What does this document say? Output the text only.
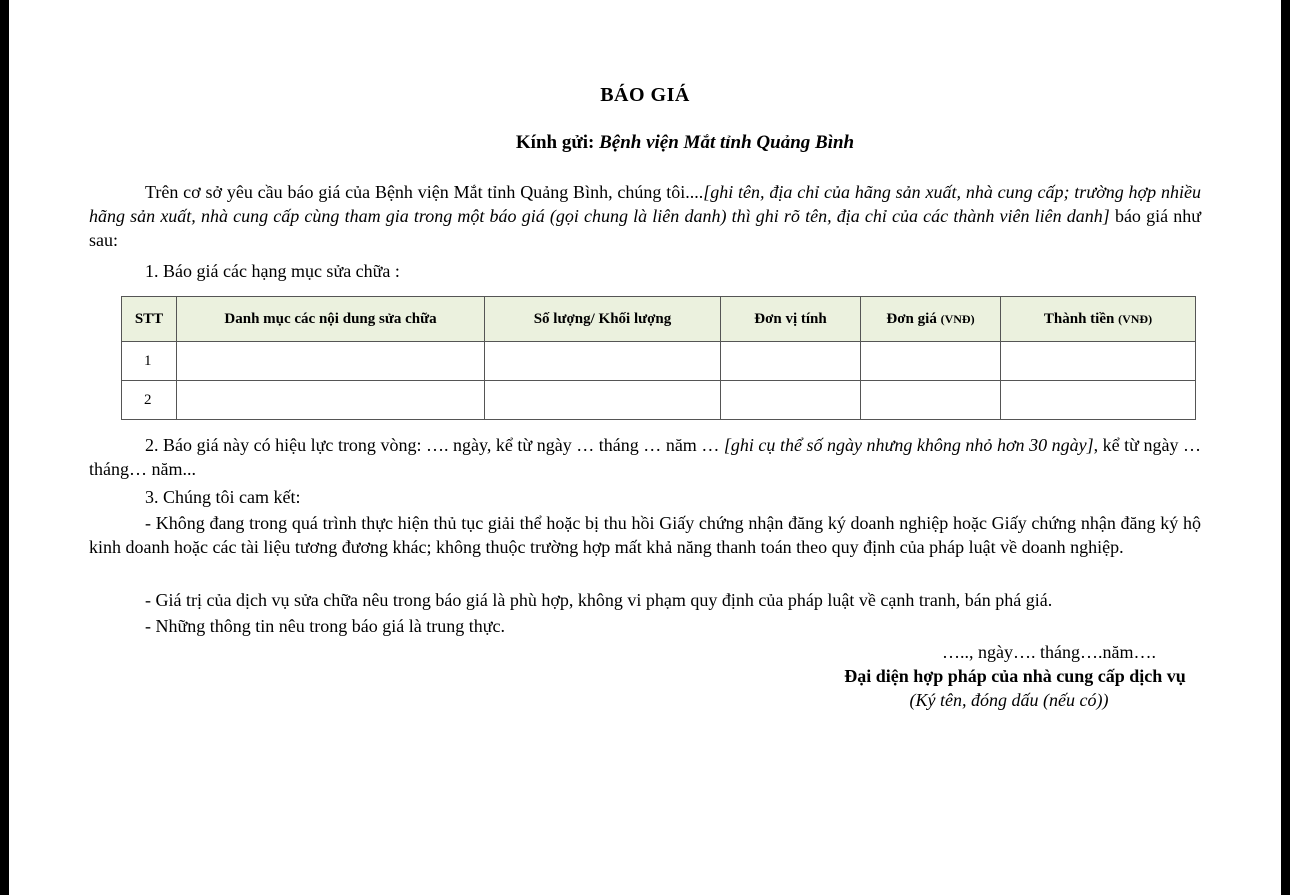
BÁO GIÁ
Kính gửi: Bệnh viện Mắt tỉnh Quảng Bình
Trên cơ sở yêu cầu báo giá của Bệnh viện Mắt tỉnh Quảng Bình, chúng tôi....[ghi tên, địa chỉ của hãng sản xuất, nhà cung cấp; trường hợp nhiều hãng sản xuất, nhà cung cấp cùng tham gia trong một báo giá (gọi chung là liên danh) thì ghi rõ tên, địa chỉ của các thành viên liên danh] báo giá như sau:
1. Báo giá các hạng mục sửa chữa :
STT	Danh mục các nội dung sửa chữa	Số lượng/ Khối lượng	Đơn vị tính	Đơn giá (VNĐ)	Thành tiền (VNĐ)
1					
2					
2. Báo giá này có hiệu lực trong vòng: …. ngày, kể từ ngày … tháng … năm … [ghi cụ thể số ngày nhưng không nhỏ hơn 30 ngày], kể từ ngày … tháng… năm...
3. Chúng tôi cam kết:
- Không đang trong quá trình thực hiện thủ tục giải thể hoặc bị thu hồi Giấy chứng nhận đăng ký doanh nghiệp hoặc Giấy chứng nhận đăng ký hộ kinh doanh hoặc các tài liệu tương đương khác; không thuộc trường hợp mất khả năng thanh toán theo quy định của pháp luật về doanh nghiệp.
- Giá trị của dịch vụ sửa chữa nêu trong báo giá là phù hợp, không vi phạm quy định của pháp luật về cạnh tranh, bán phá giá.
- Những thông tin nêu trong báo giá là trung thực.
….., ngày…. tháng….năm….
Đại diện hợp pháp của nhà cung cấp dịch vụ
(Ký tên, đóng dấu (nếu có))
